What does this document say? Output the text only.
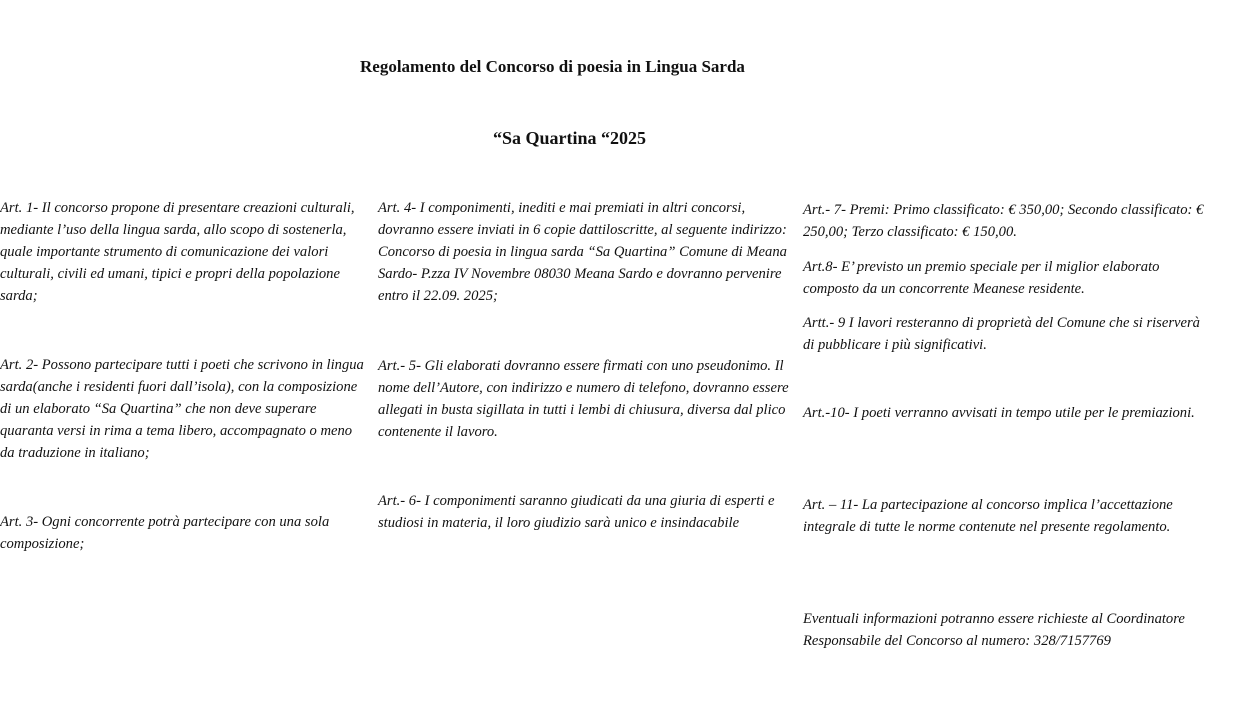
Regolamento del Concorso di poesia in Lingua Sarda
“Sa Quartina “2025

Art. 1- Il concorso propone di presentare creazioni culturali, mediante l’uso della lingua sarda, allo scopo di sostenerla, quale importante strumento di comunicazione dei valori culturali, civili ed umani, tipici e propri della popolazione sarda;

Art. 2- Possono partecipare tutti i poeti che scrivono in lingua sarda(anche i residenti fuori dall’isola), con la composizione di un elaborato “Sa Quartina” che non deve superare quaranta versi in rima a tema libero, accompagnato o meno da traduzione in italiano;

Art. 3- Ogni concorrente potrà partecipare con una sola composizione;

Art. 4- I componimenti, inediti e mai premiati in altri concorsi, dovranno essere inviati in 6 copie dattiloscritte, al seguente indirizzo: Concorso di poesia in lingua sarda “Sa Quartina” Comune di Meana Sardo- P.zza IV Novembre 08030 Meana Sardo e dovranno pervenire entro il 22.09. 2025;

Art.- 5- Gli elaborati dovranno essere firmati con uno pseudonimo. Il nome dell’Autore, con indirizzo e numero di telefono, dovranno essere allegati in busta sigillata in tutti i lembi di chiusura, diversa dal plico contenente il lavoro.

Art.- 6- I componimenti saranno giudicati da una giuria di esperti e studiosi in materia, il loro giudizio sarà unico e insindacabile

Art.- 7- Premi: Primo classificato: € 350,00; Secondo classificato: € 250,00; Terzo classificato: € 150,00.

Art.8- E’ previsto un premio speciale per il miglior elaborato composto da un concorrente Meanese residente.

Artt.- 9 I lavori resteranno di proprietà del Comune che si riserverà di pubblicare i più significativi.

Art.-10- I poeti verranno avvisati in tempo utile per le premiazioni.

Art. – 11- La partecipazione al concorso implica l’accettazione integrale di tutte le norme contenute nel presente regolamento.

Eventuali informazioni potranno essere richieste al Coordinatore Responsabile del Concorso al numero: 328/7157769
